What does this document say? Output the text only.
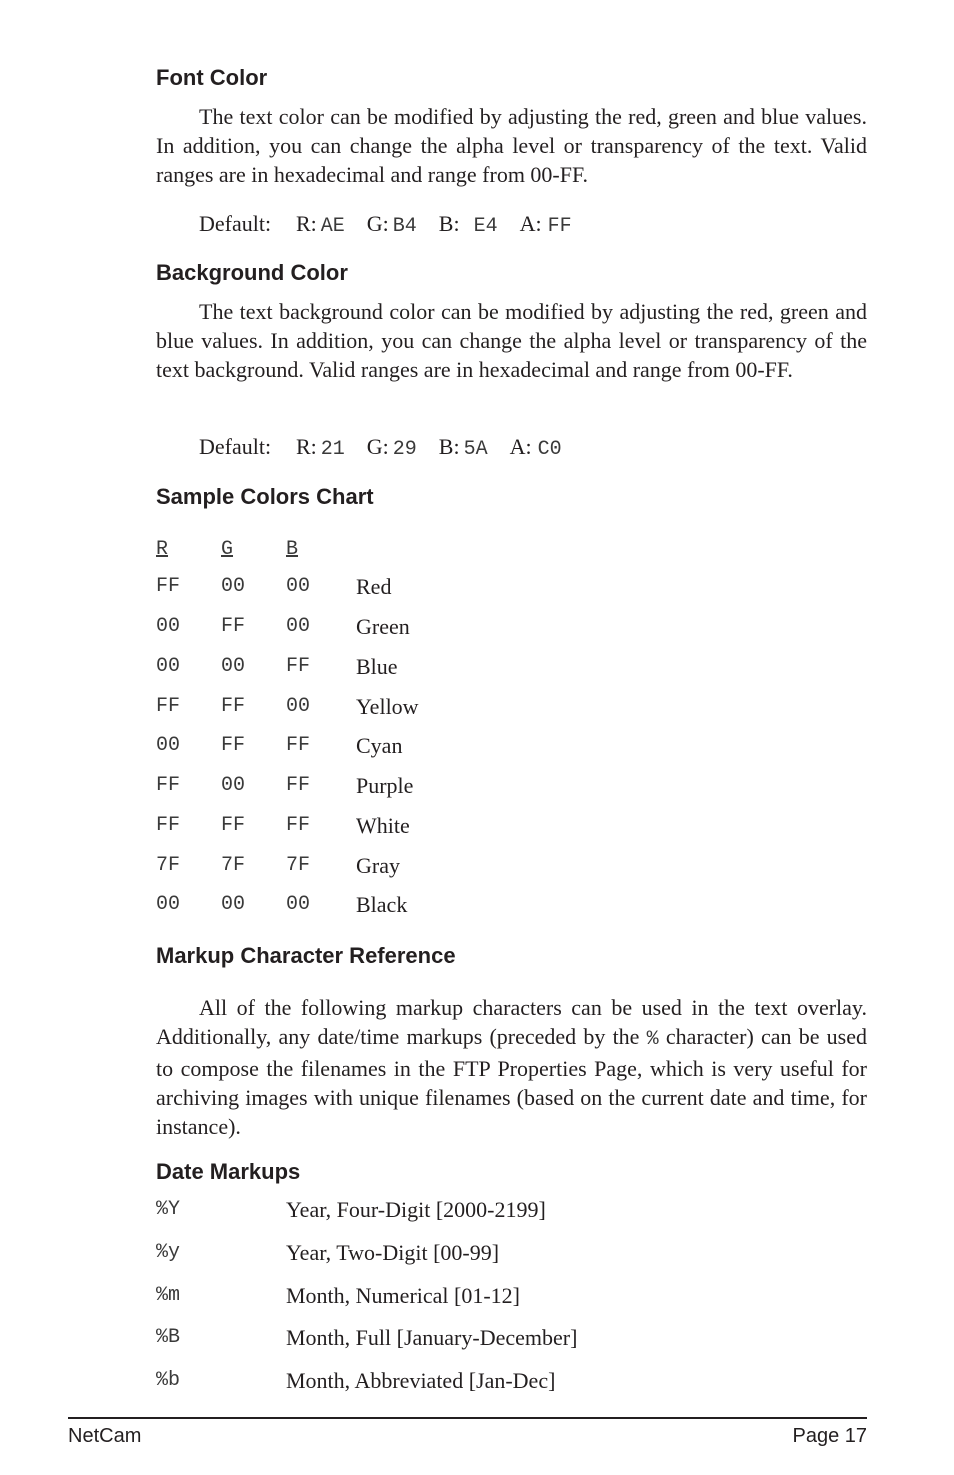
Font Color

The text color can be modified by adjusting the red, green and blue values. In addition, you can change the alpha level or transparency of the text. Valid ranges are in hexadecimal and range from 00-FF.

Default: R: AE G: B4 B: E4 A: FF
Background Color

The text background color can be modified by adjusting the red, green and blue values. In addition, you can change the alpha level or transparency of the text background. Valid ranges are in hexadecimal and range from 00-FF.

Default: R: 21 G: 29 B: 5A A: C0
Sample Colors Chart
R	G	B
FF 00 00 Red
00 FF 00 Green
00 00 FF Blue
FF FF 00 Yellow
00 FF FF Cyan
FF 00 FF Purple
FF FF FF White
7F 7F 7F Gray
00 00 00 Black
Markup Character Reference

All of the following markup characters can be used in the text overlay. Additionally, any date/time markups (preceded by the % character) can be used to compose the filenames in the FTP Properties Page, which is very useful for archiving images with unique filenames (based on the current date and time, for instance).

Date Markups
%Y	Year, Four-Digit [2000-2199]
%y	Year, Two-Digit [00-99]
%m	Month, Numerical [01-12]
%B	Month, Full [January-December]
%b	Month, Abbreviated [Jan-Dec]
NetCam	Page 17
